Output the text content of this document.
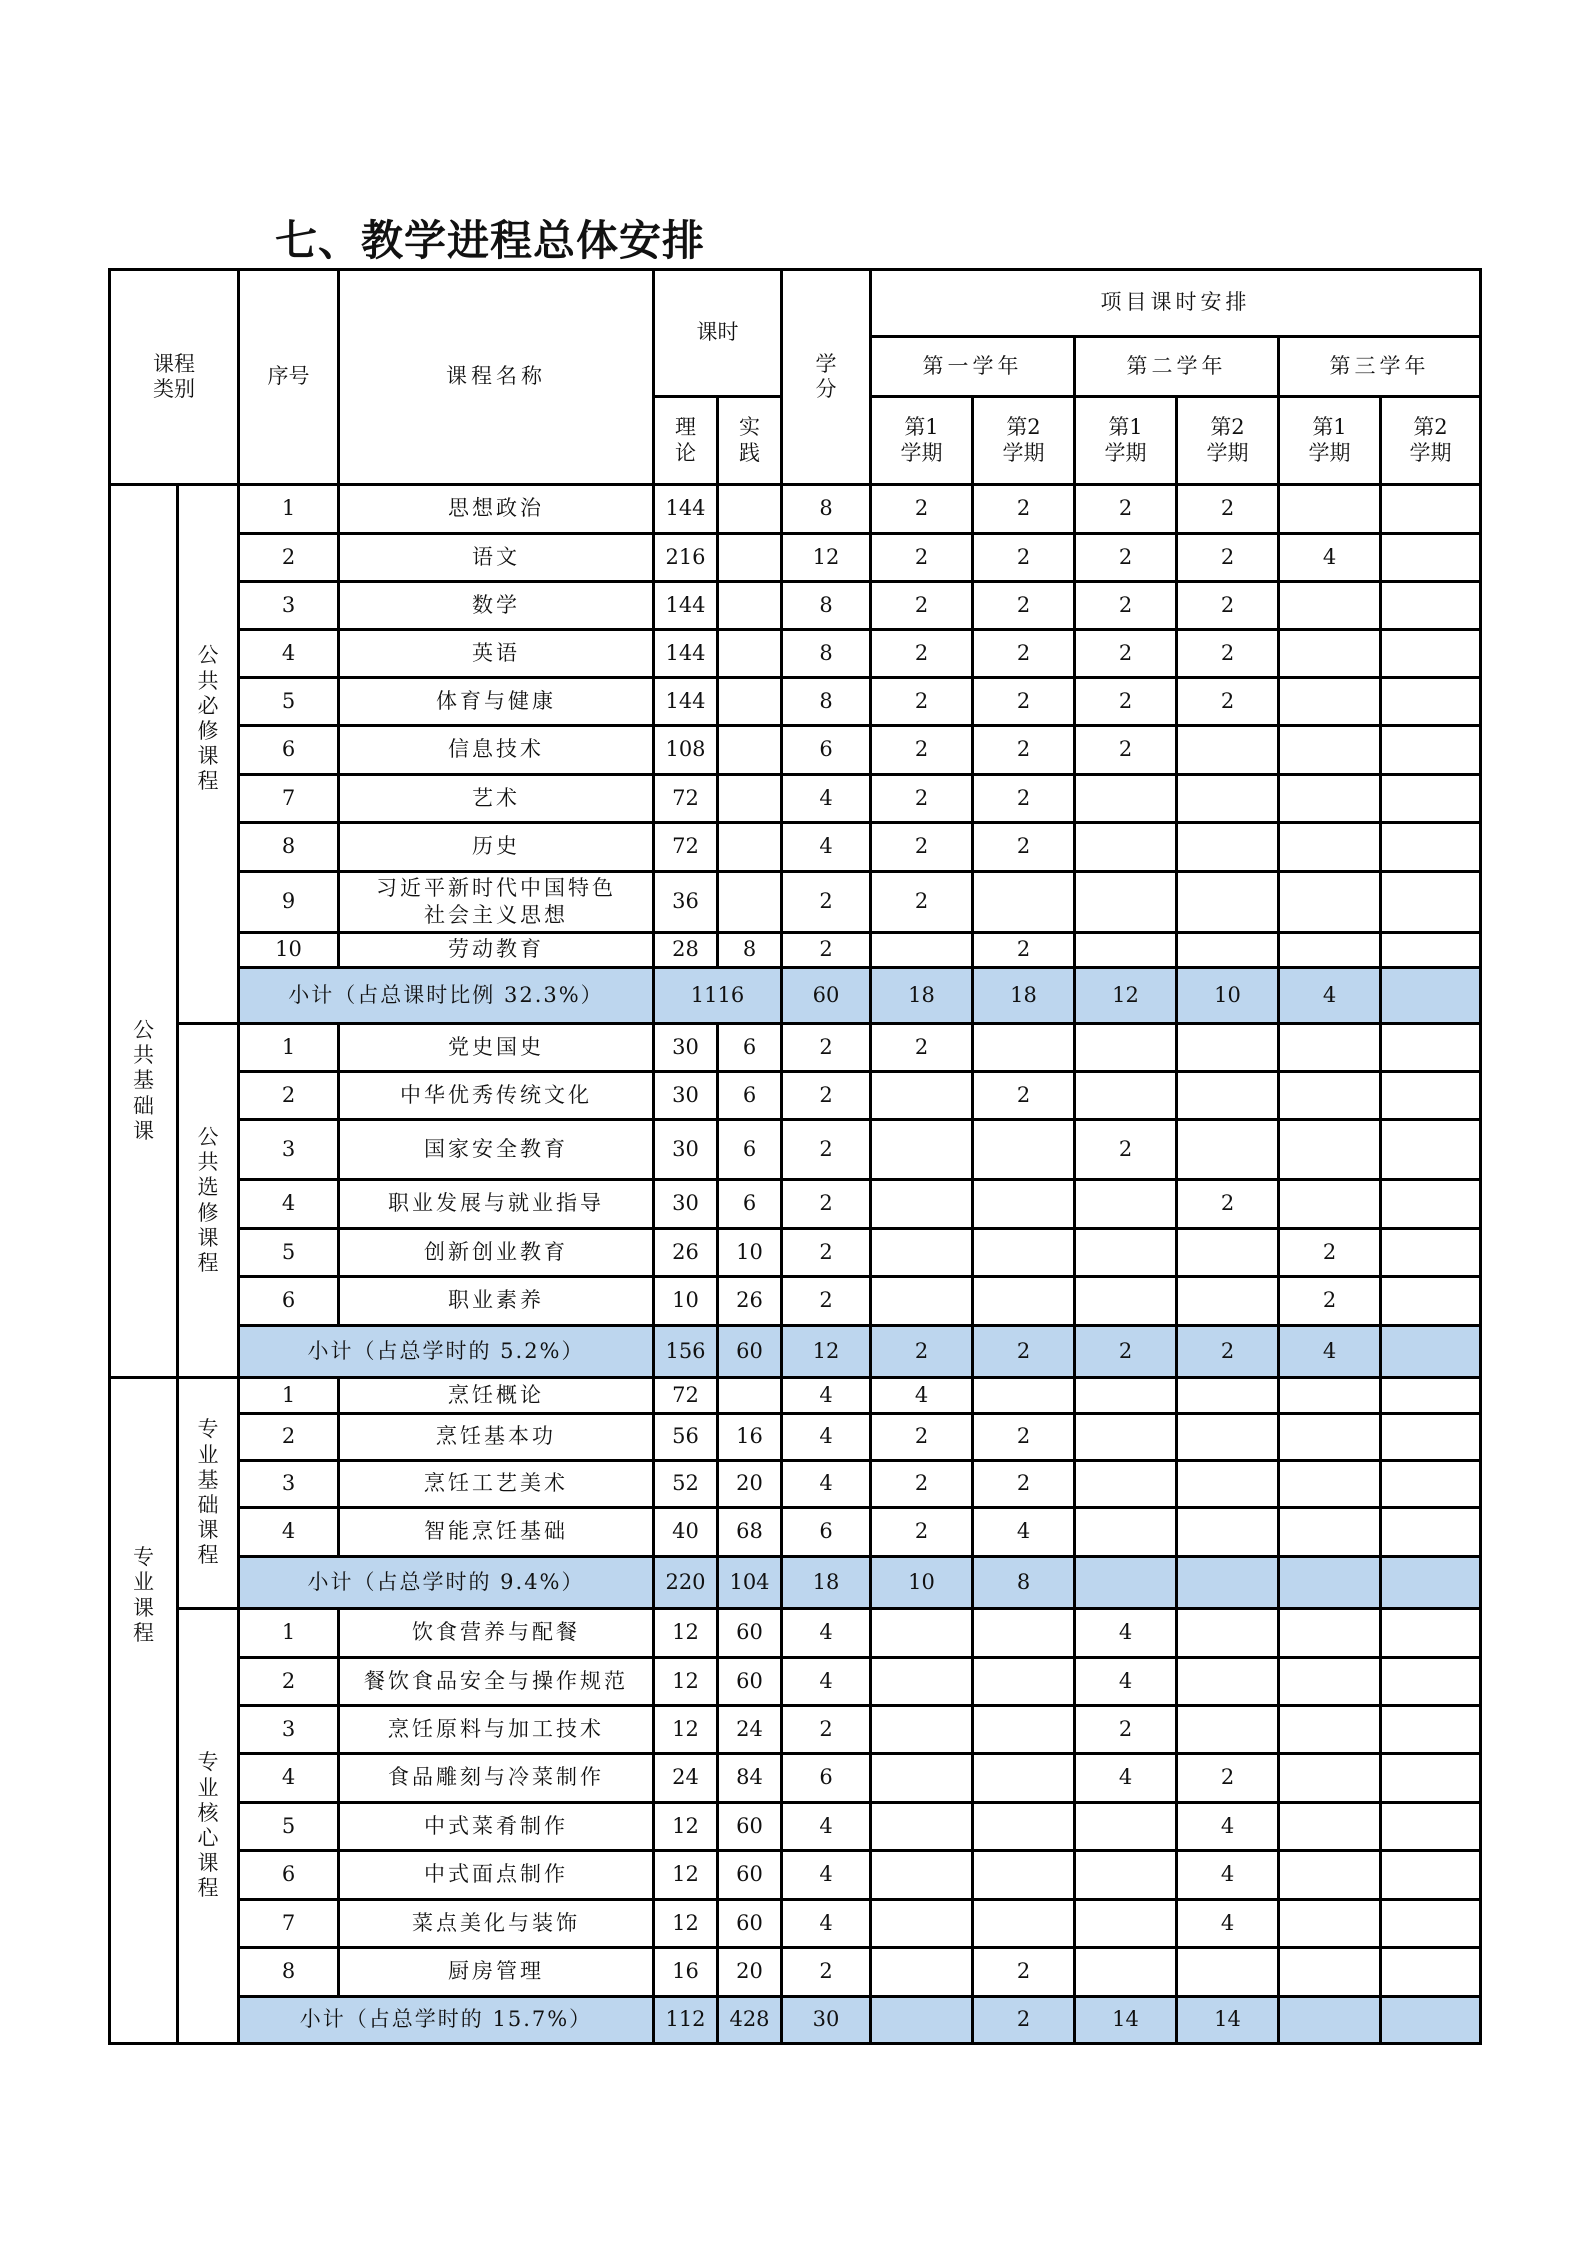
七、教学进程总体安排
课程类别		序号	课程名称	课时		学分	项目课时安排					
							第一学年		第二学年		第三学年	
				理论	实践		第1学期	第2学期	第1学期	第2学期	第1学期	第2学期
公共基础课	公共必修课程	1	思想政治	144		8	2	2	2	2		
		2	语文	216		12	2	2	2	2	4	
		3	数学	144		8	2	2	2	2		
		4	英语	144		8	2	2	2	2		
		5	体育与健康	144		8	2	2	2	2		
		6	信息技术	108		6	2	2	2			
		7	艺术	72		4	2	2				
		8	历史	72		4	2	2				
		9	习近平新时代中国特色社会主义思想	36		2	2					
		10	劳动教育	28	8	2		2				
		小计（占总课时比例 32.3%）		1116		60	18	18	12	10	4	
	公共选修课程	1	党史国史	30	6	2	2					
		2	中华优秀传统文化	30	6	2		2				
		3	国家安全教育	30	6	2			2			
		4	职业发展与就业指导	30	6	2				2		
		5	创新创业教育	26	10	2					2	
		6	职业素养	10	26	2					2	
		小计（占总学时的 5.2%）		156	60	12	2	2	2	2	4	
专业课程	专业基础课程	1	烹饪概论	72		4	4					
		2	烹饪基本功	56	16	4	2	2				
		3	烹饪工艺美术	52	20	4	2	2				
		4	智能烹饪基础	40	68	6	2	4				
		小计（占总学时的 9.4%）		220	104	18	10	8				
	专业核心课程	1	饮食营养与配餐	12	60	4			4			
		2	餐饮食品安全与操作规范	12	60	4			4			
		3	烹饪原料与加工技术	12	24	2			2			
		4	食品雕刻与冷菜制作	24	84	6			4	2		
		5	中式菜肴制作	12	60	4				4		
		6	中式面点制作	12	60	4				4		
		7	菜点美化与装饰	12	60	4				4		
		8	厨房管理	16	20	2		2				
		小计（占总学时的 15.7%）		112	428	30		2	14	14		
